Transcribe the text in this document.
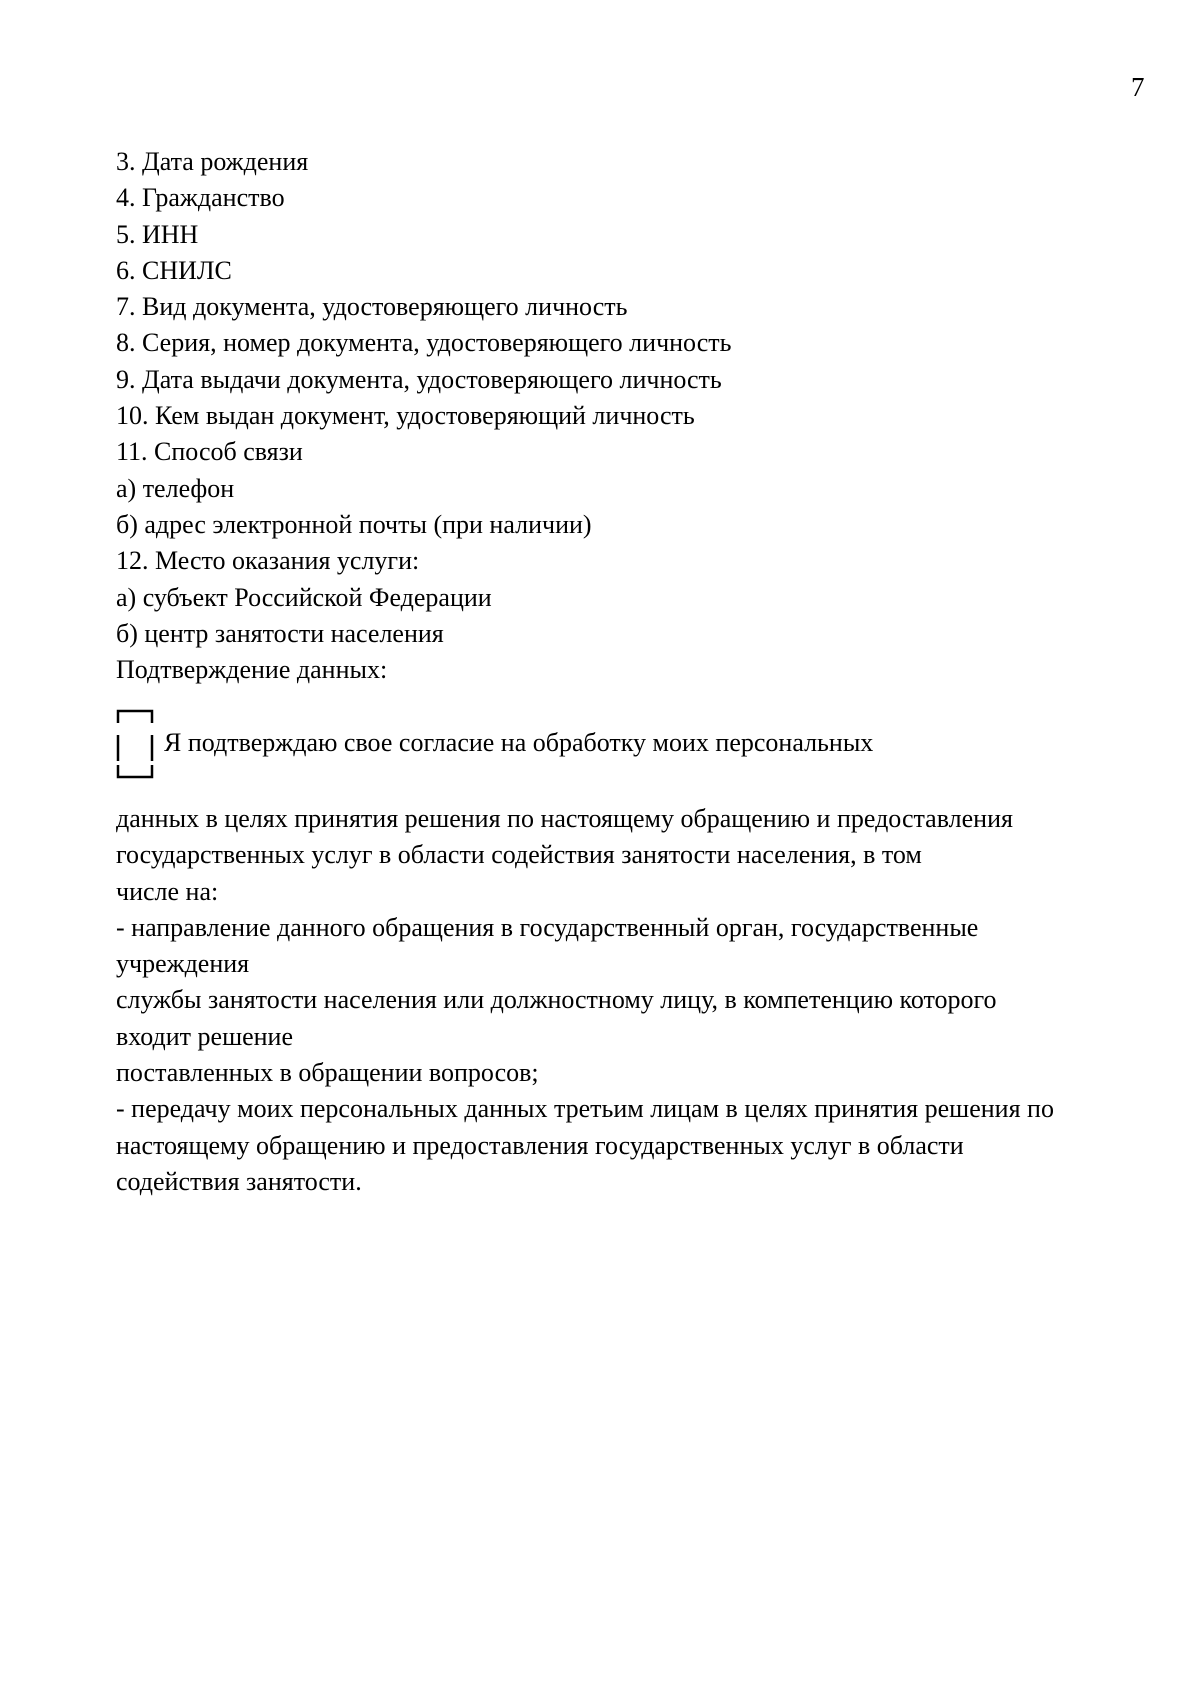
7
3. Дата рождения
4. Гражданство
5. ИНН
6. СНИЛС
7. Вид документа, удостоверяющего личность
8. Серия, номер документа, удостоверяющего личность
9. Дата выдачи документа, удостоверяющего личность
10. Кем выдан документ, удостоверяющий личность
11. Способ связи
а) телефон
б) адрес электронной почты (при наличии)
12. Место оказания услуги:
а) субъект Российской Федерации
б) центр занятости населения
Подтверждение данных:
Я подтверждаю свое согласие на обработку моих персональных
данных в целях принятия решения по настоящему обращению и предоставления
государственных услуг в области содействия занятости населения, в том
числе на:
- направление данного обращения в государственный орган, государственные
учреждения
службы занятости населения или должностному лицу, в компетенцию которого
входит решение
поставленных в обращении вопросов;
- передачу моих персональных данных третьим лицам в целях принятия решения по
настоящему обращению и предоставления государственных услуг в области
содействия занятости.
